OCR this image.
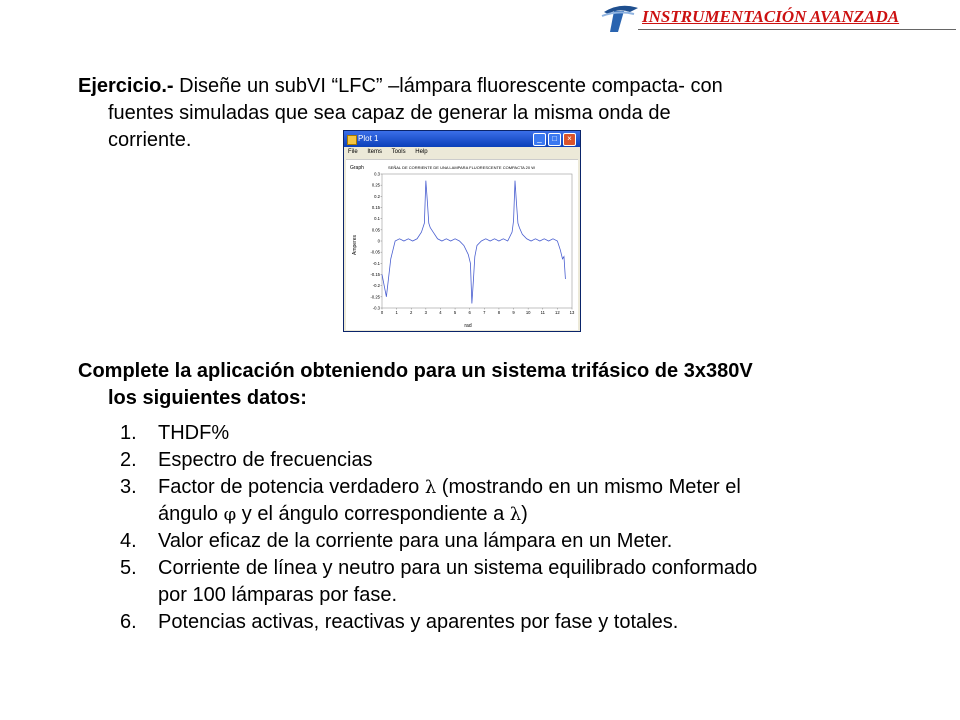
INSTRUMENTACIÓN AVANZADA
Ejercicio.- Diseñe un subVI “LFC” –lámpara fluorescente compacta- con
fuentes simuladas que sea capaz de generar la misma onda de
corriente.	Plot 1	_	□	×
File Items Tools Help
Graph	SEÑAL DE CORRIENTE DE UNA LAMPARA FLUORESCENTE COMPACTA 20 W
Amperes
rad
0.3
0.25
0.2
0.15
0.1
0.05
0
-0.05
-0.1
-0.15
-0.2
-0.25
-0.3
0	1	2	3	4	5	6	7	8	9	10 11 12 13
Complete la aplicación obteniendo para un sistema trifásico de 3x380V
los siguientes datos:
1.	THDF%
2.	Espectro de frecuencias
3.	Factor de potencia verdadero λ (mostrando en un mismo Meter el
ángulo φ y el ángulo correspondiente a λ)
4.	Valor eficaz de la corriente para una lámpara en un Meter.
5.	Corriente de línea y neutro para un sistema equilibrado conformado
por 100 lámparas por fase.
6.	Potencias activas, reactivas y aparentes por fase y totales.
